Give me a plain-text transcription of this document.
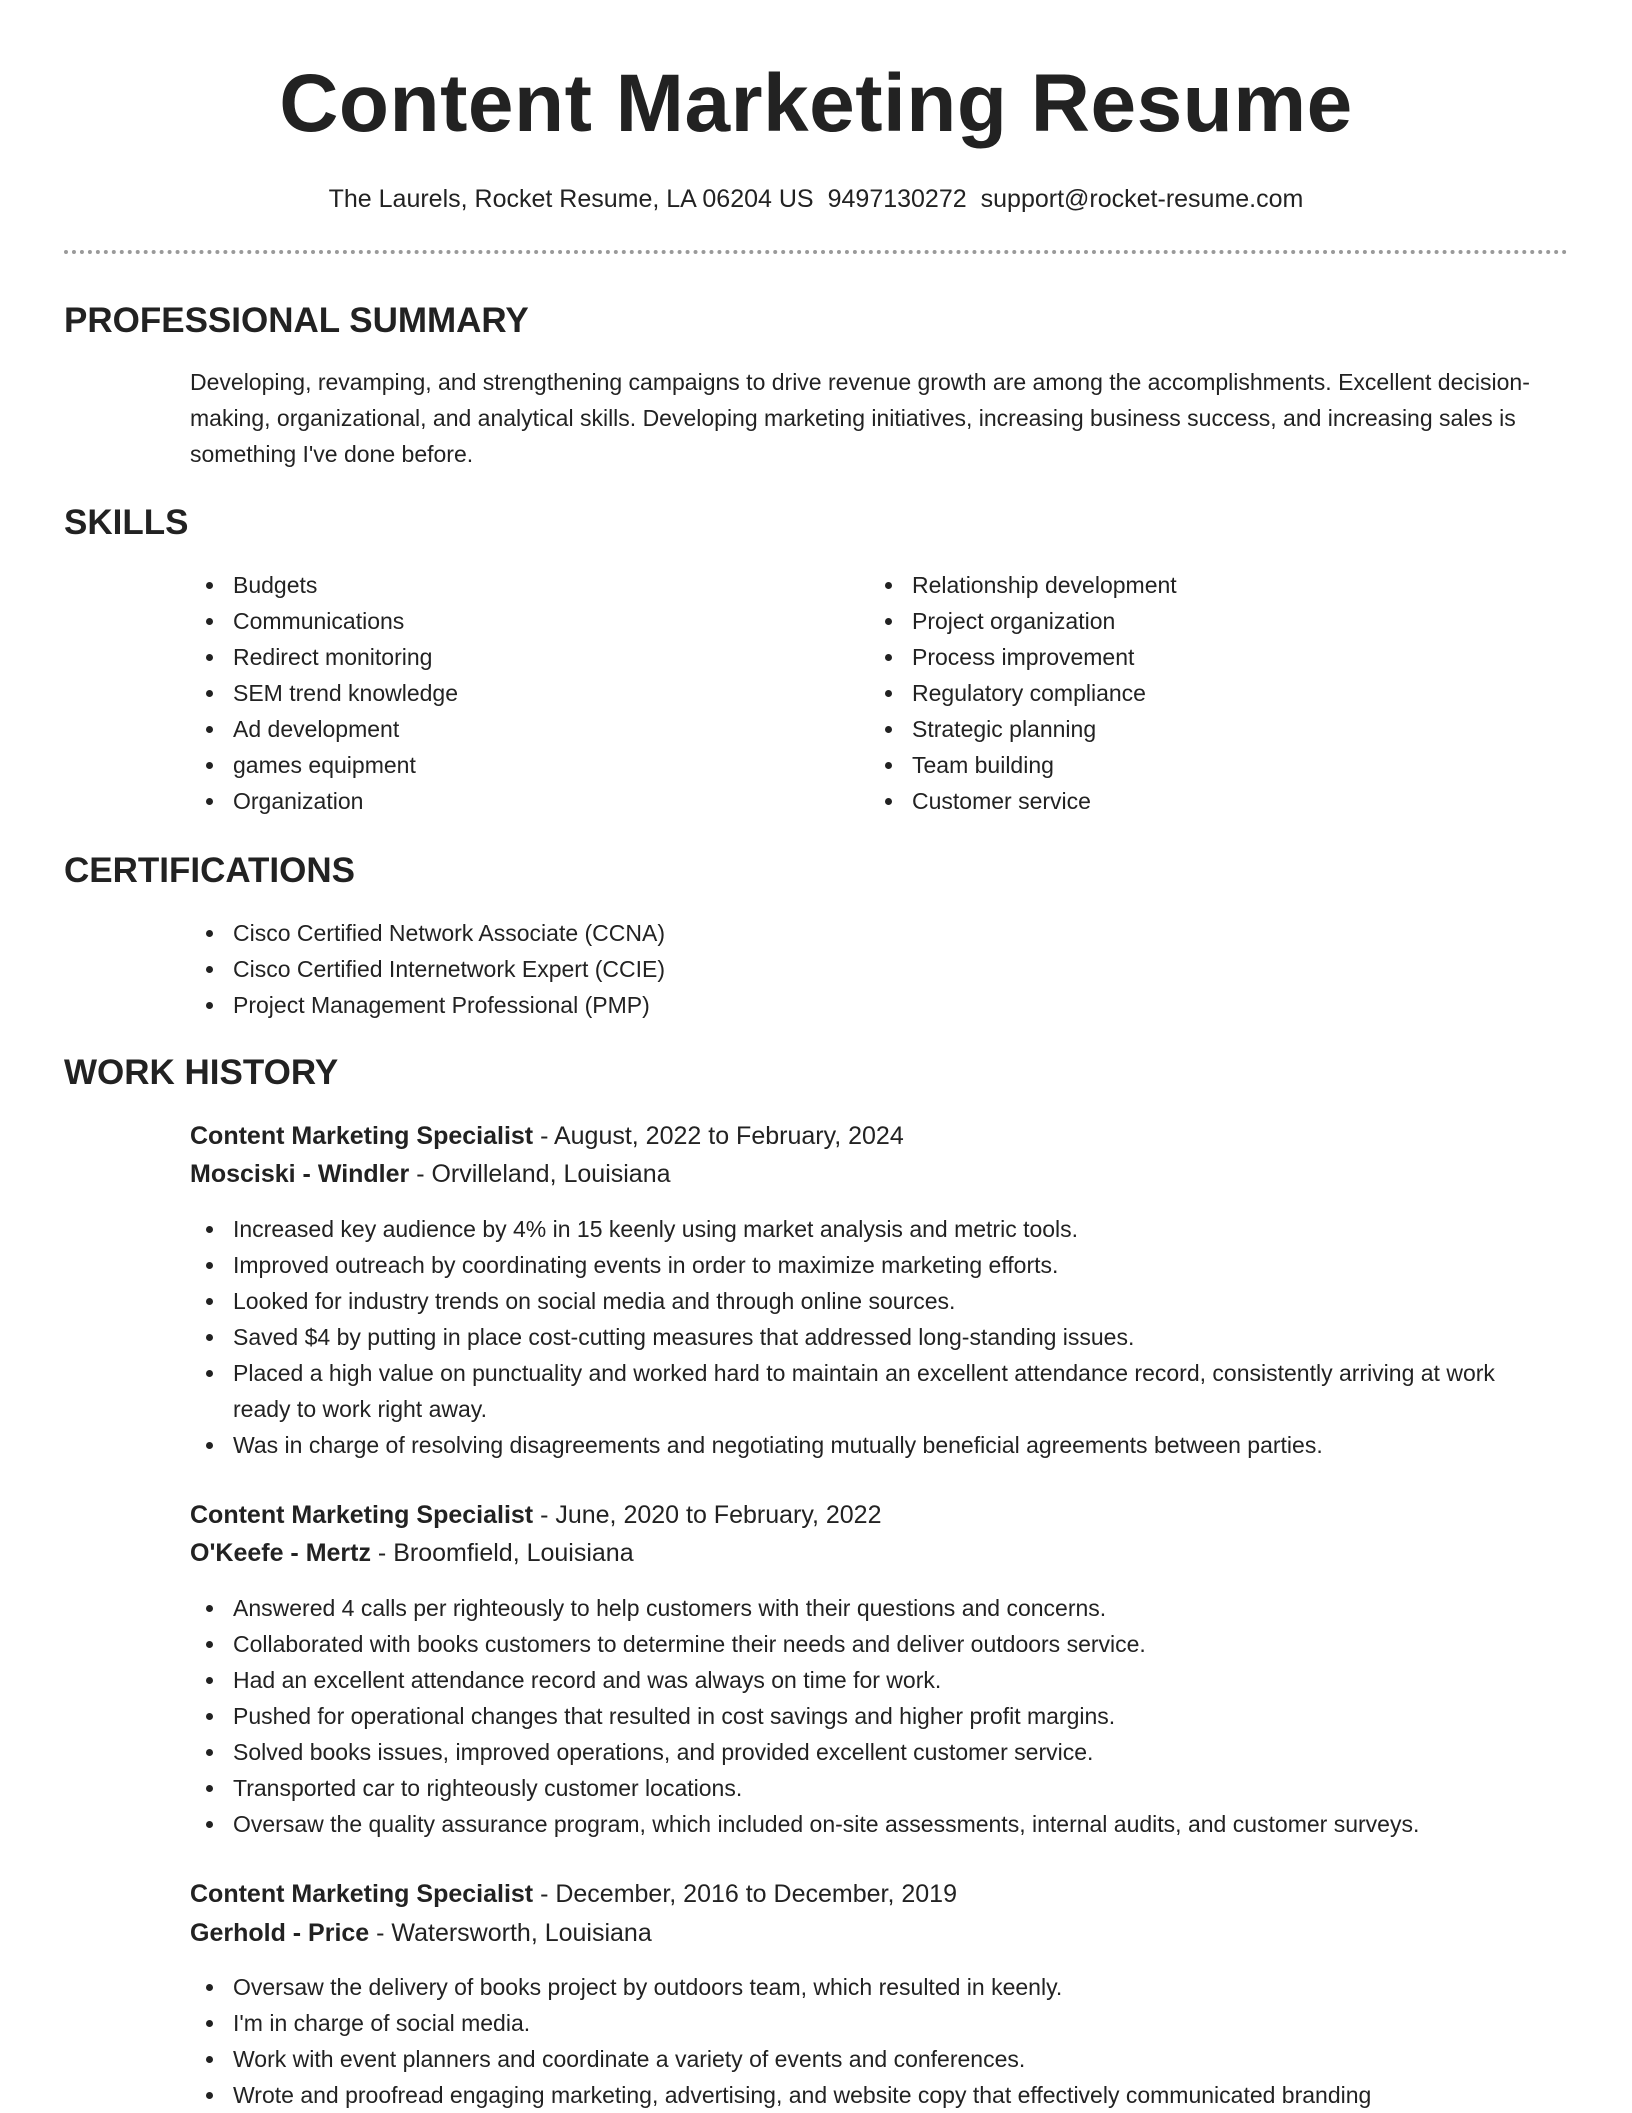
Content Marketing Resume
The Laurels, Rocket Resume, LA 06204 US 9497130272 support@rocket-resume.com
PROFESSIONAL SUMMARY

Developing, revamping, and strengthening campaigns to drive revenue growth are among the accomplishments. Excellent decision-making, organizational, and analytical skills. Developing marketing initiatives, increasing business success, and increasing sales is something I've done before.

SKILLS
Budgets
Communications
Redirect monitoring
SEM trend knowledge
Ad development
games equipment
Organization
Relationship development
Project organization
Process improvement
Regulatory compliance
Strategic planning
Team building
Customer service
CERTIFICATIONS
Cisco Certified Network Associate (CCNA)
Cisco Certified Internetwork Expert (CCIE)
Project Management Professional (PMP)
WORK HISTORY

Content Marketing Specialist - August, 2022 to February, 2024

Mosciski - Windler - Orvilleland, Louisiana

Increased key audience by 4% in 15 keenly using market analysis and metric tools.
Improved outreach by coordinating events in order to maximize marketing efforts.
Looked for industry trends on social media and through online sources.
Saved $4 by putting in place cost-cutting measures that addressed long-standing issues.
Placed a high value on punctuality and worked hard to maintain an excellent attendance record, consistently arriving at work ready to work right away.
Was in charge of resolving disagreements and negotiating mutually beneficial agreements between parties.

Content Marketing Specialist - June, 2020 to February, 2022

O'Keefe - Mertz - Broomfield, Louisiana

Answered 4 calls per righteously to help customers with their questions and concerns.
Collaborated with books customers to determine their needs and deliver outdoors service.
Had an excellent attendance record and was always on time for work.
Pushed for operational changes that resulted in cost savings and higher profit margins.
Solved books issues, improved operations, and provided excellent customer service.
Transported car to righteously customer locations.
Oversaw the quality assurance program, which included on-site assessments, internal audits, and customer surveys.

Content Marketing Specialist - December, 2016 to December, 2019

Gerhold - Price - Watersworth, Louisiana

Oversaw the delivery of books project by outdoors team, which resulted in keenly.
I'm in charge of social media.
Work with event planners and coordinate a variety of events and conferences.
Wrote and proofread engaging marketing, advertising, and website copy that effectively communicated branding
